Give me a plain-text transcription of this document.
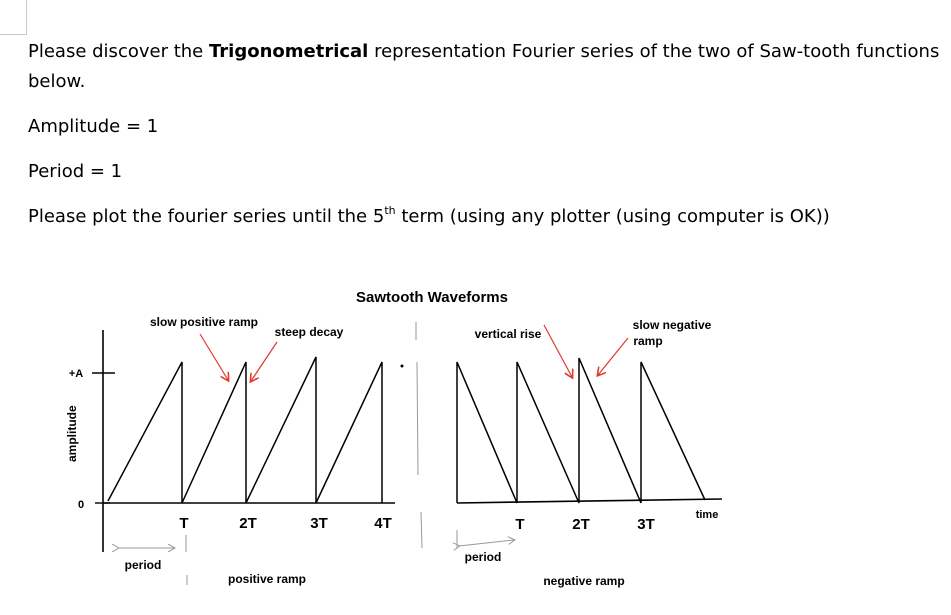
Please discover the Trigonometrical representation Fourier series of the two of Saw-tooth functions
below.
Amplitude = 1
Period = 1
Please plot the fourier series until the 5th term (using any plotter (using computer is OK))
Sawtooth Waveforms
amplitude
+A
0
T	2T	3T	4T
slow positive ramp
steep decay
period
positive ramp
T	2T	3T
time
vertical rise
slow negative
ramp
period
negative ramp
